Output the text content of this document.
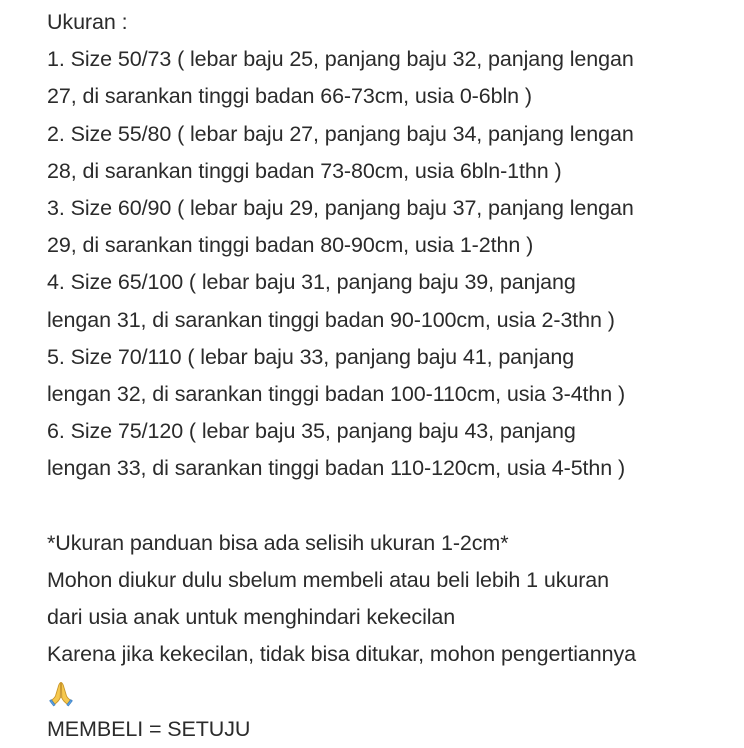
Ukuran :
1. Size 50/73 ( lebar baju 25, panjang baju 32, panjang lengan
27, di sarankan tinggi badan 66-73cm, usia 0-6bln )
2. Size 55/80 ( lebar baju 27, panjang baju 34, panjang lengan
28, di sarankan tinggi badan 73-80cm, usia 6bln-1thn )
3. Size 60/90 ( lebar baju 29, panjang baju 37, panjang lengan
29, di sarankan tinggi badan 80-90cm, usia 1-2thn )
4. Size 65/100 ( lebar baju 31, panjang baju 39, panjang
lengan 31, di sarankan tinggi badan 90-100cm, usia 2-3thn )
5. Size 70/110 ( lebar baju 33, panjang baju 41, panjang
lengan 32, di sarankan tinggi badan 100-110cm, usia 3-4thn )
6. Size 75/120 ( lebar baju 35, panjang baju 43, panjang
lengan 33, di sarankan tinggi badan 110-120cm, usia 4-5thn )
*Ukuran panduan bisa ada selisih ukuran 1-2cm*
Mohon diukur dulu sbelum membeli atau beli lebih 1 ukuran
dari usia anak untuk menghindari kekecilan
Karena jika kekecilan, tidak bisa ditukar, mohon pengertiannya
MEMBELI = SETUJU
